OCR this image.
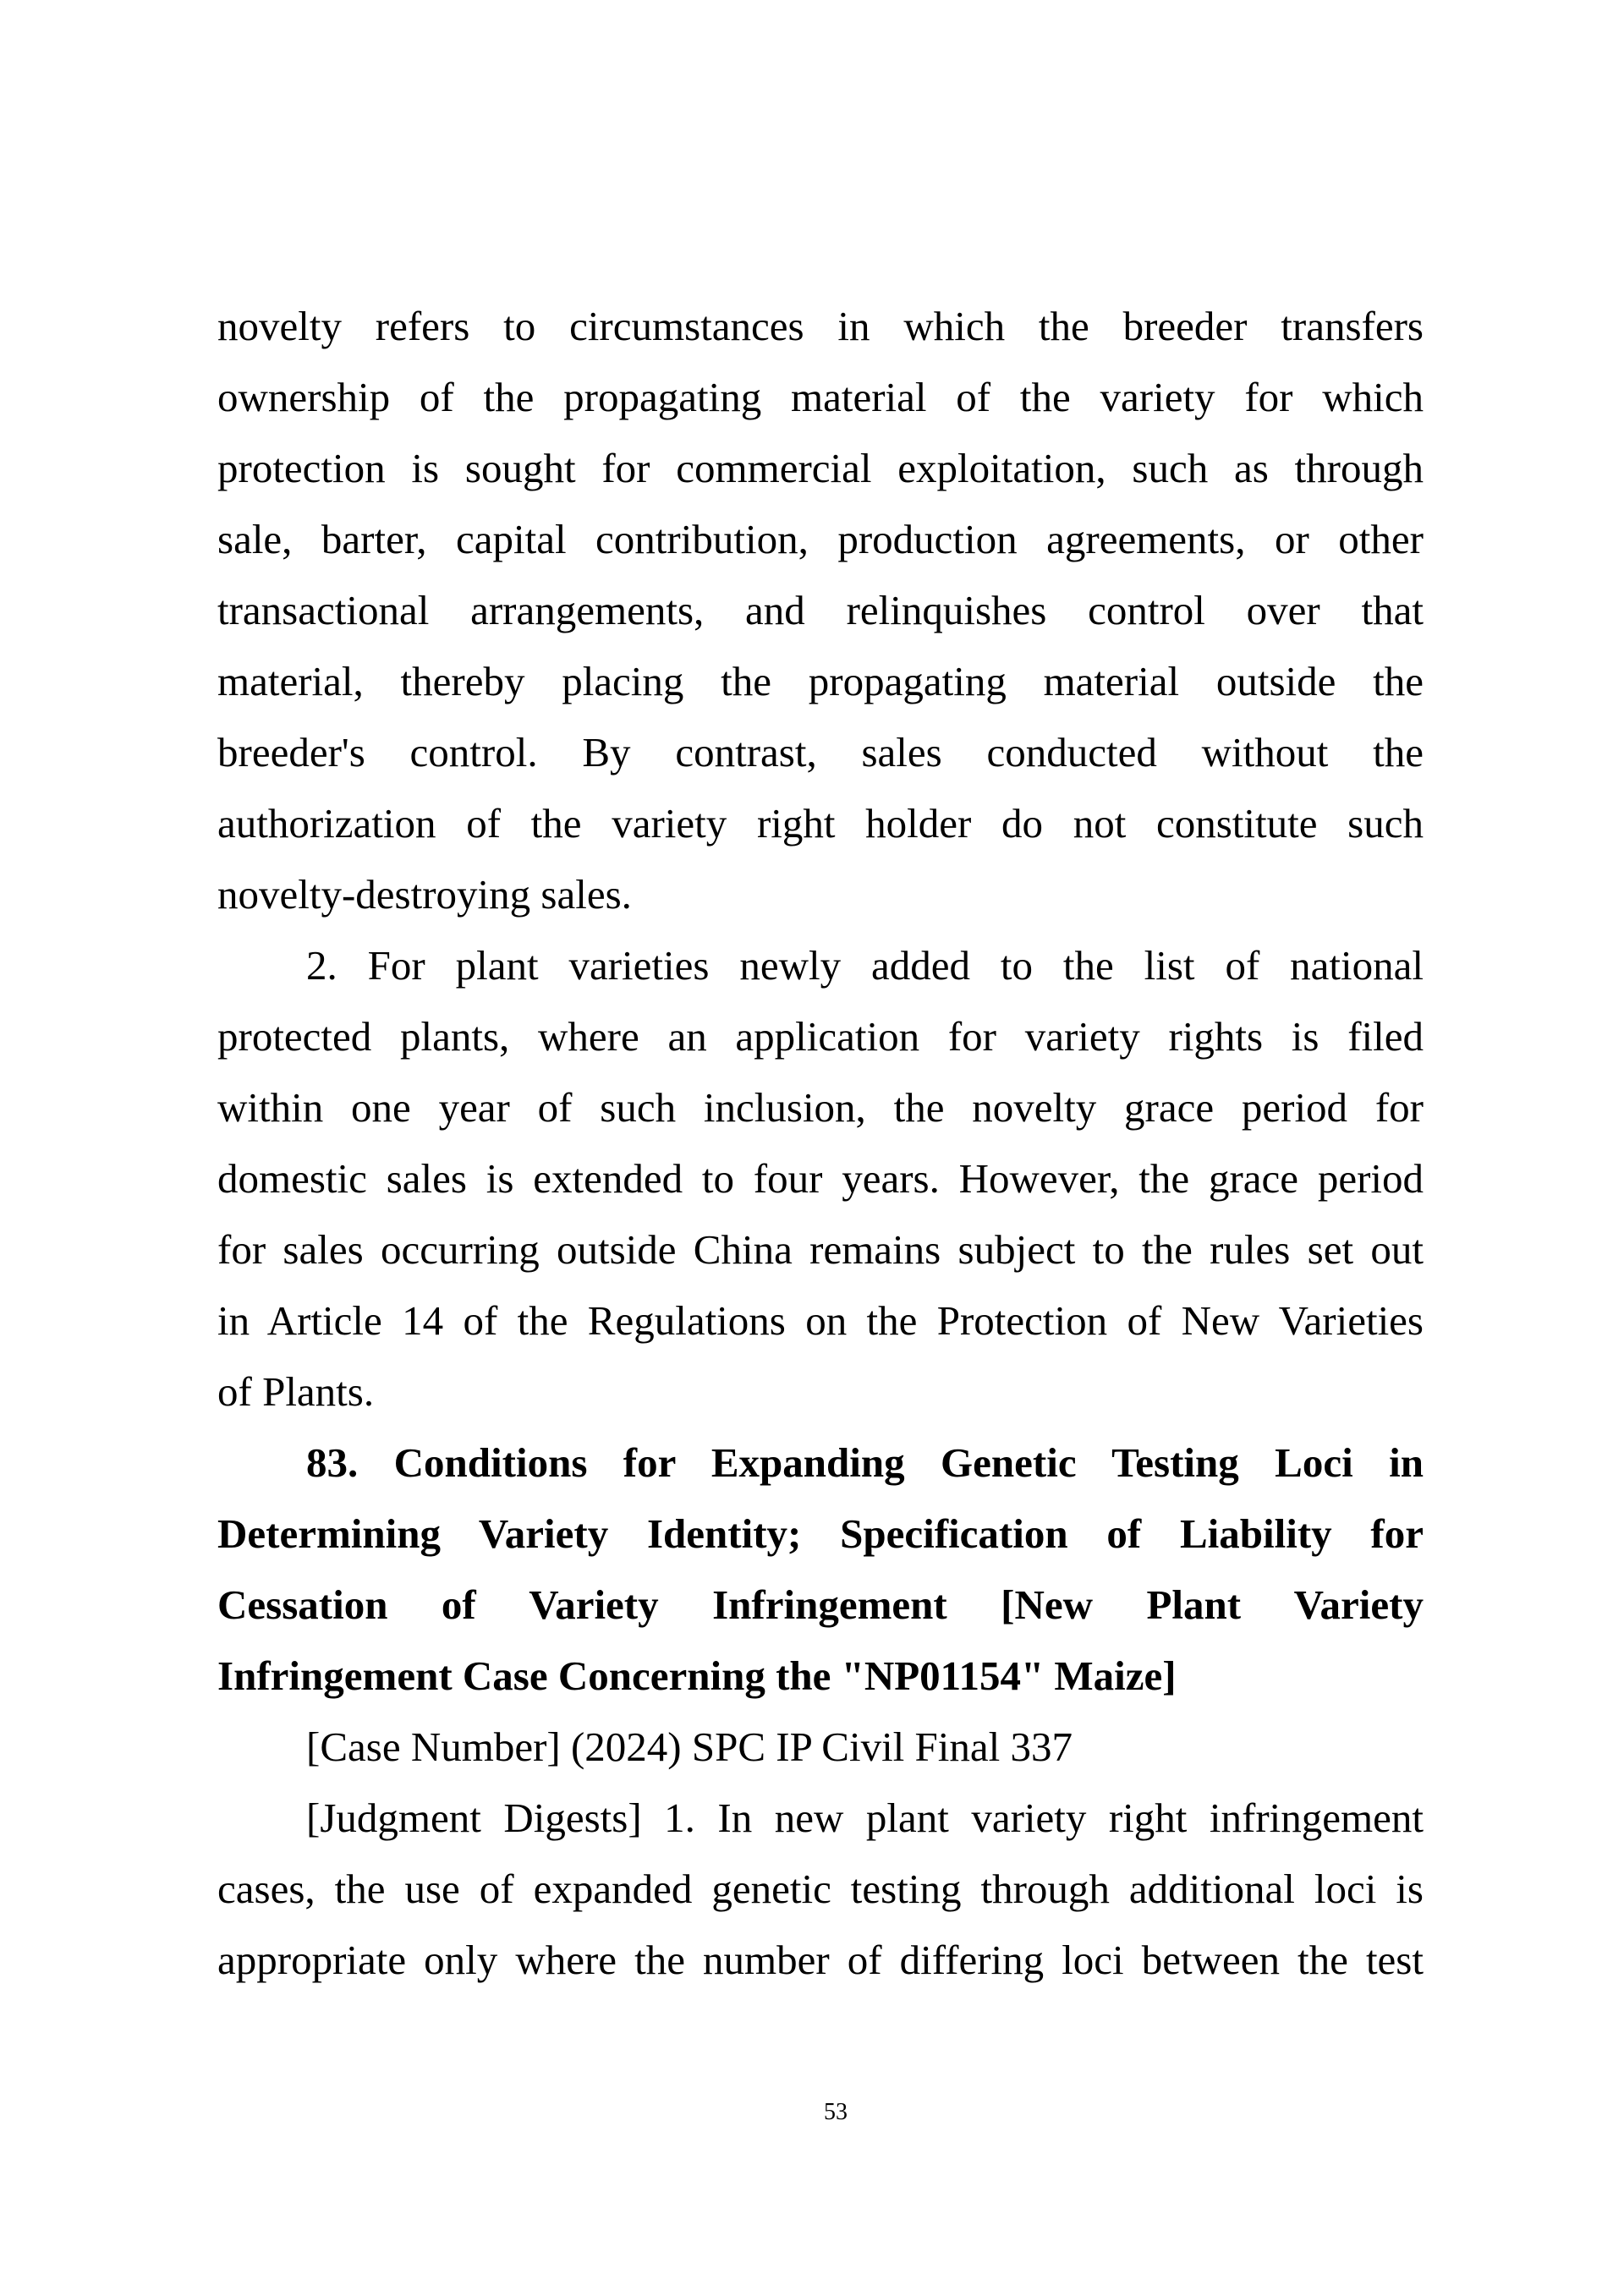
novelty refers to circumstances in which the breeder transfers
ownership of the propagating material of the variety for which
protection is sought for commercial exploitation, such as through
sale, barter, capital contribution, production agreements, or other
transactional arrangements, and relinquishes control over that
material, thereby placing the propagating material outside the
breeder's control. By contrast, sales conducted without the
authorization of the variety right holder do not constitute such
novelty-destroying sales.
2. For plant varieties newly added to the list of national
protected plants, where an application for variety rights is filed
within one year of such inclusion, the novelty grace period for
domestic sales is extended to four years. However, the grace period
for sales occurring outside China remains subject to the rules set out
in Article 14 of the Regulations on the Protection of New Varieties
of Plants.
83. Conditions for Expanding Genetic Testing Loci in
Determining Variety Identity; Specification of Liability for
Cessation of Variety Infringement [New Plant Variety
Infringement Case Concerning the "NP01154" Maize]
[Case Number] (2024) SPC IP Civil Final 337
[Judgment Digests] 1. In new plant variety right infringement
cases, the use of expanded genetic testing through additional loci is
appropriate only where the number of differing loci between the test
53
